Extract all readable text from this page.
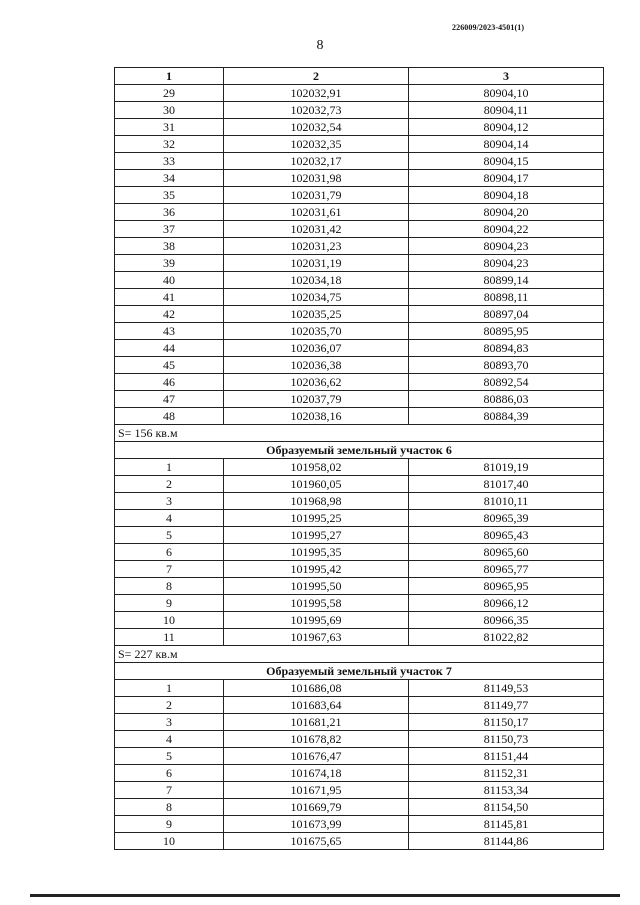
226009/2023-4501(1)
8
1	2	3
29	102032,91	80904,10
30	102032,73	80904,11
31	102032,54	80904,12
32	102032,35	80904,14
33	102032,17	80904,15
34	102031,98	80904,17
35	102031,79	80904,18
36	102031,61	80904,20
37	102031,42	80904,22
38	102031,23	80904,23
39	102031,19	80904,23
40	102034,18	80899,14
41	102034,75	80898,11
42	102035,25	80897,04
43	102035,70	80895,95
44	102036,07	80894,83
45	102036,38	80893,70
46	102036,62	80892,54
47	102037,79	80886,03
48	102038,16	80884,39
S= 156 кв.м		
Образуемый земельный участок 6		
1	101958,02	81019,19
2	101960,05	81017,40
3	101968,98	81010,11
4	101995,25	80965,39
5	101995,27	80965,43
6	101995,35	80965,60
7	101995,42	80965,77
8	101995,50	80965,95
9	101995,58	80966,12
10	101995,69	80966,35
11	101967,63	81022,82
S= 227 кв.м		
Образуемый земельный участок 7		
1	101686,08	81149,53
2	101683,64	81149,77
3	101681,21	81150,17
4	101678,82	81150,73
5	101676,47	81151,44
6	101674,18	81152,31
7	101671,95	81153,34
8	101669,79	81154,50
9	101673,99	81145,81
10	101675,65	81144,86
